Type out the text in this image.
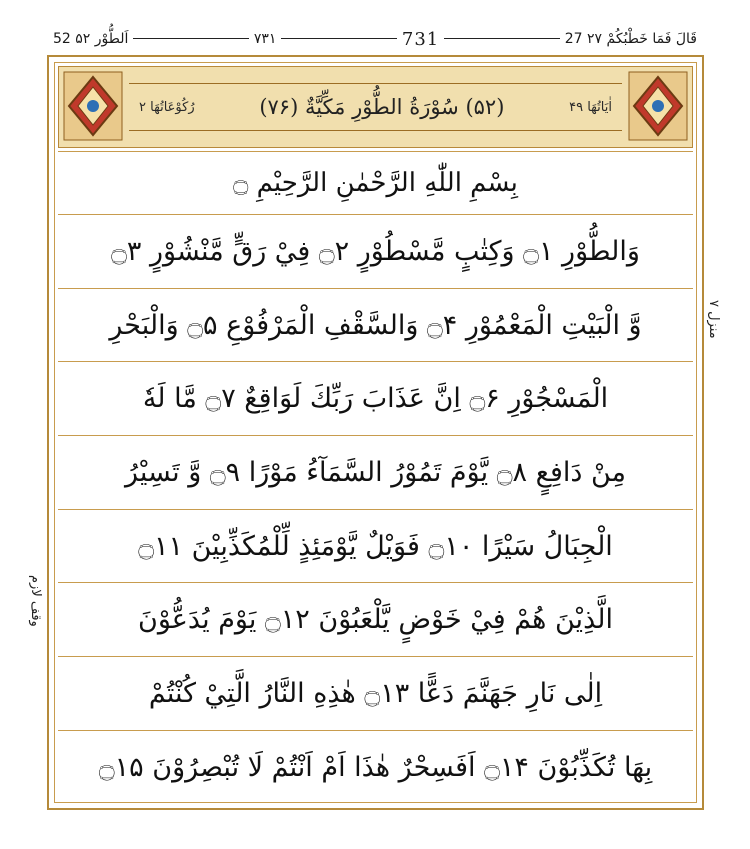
52 اَلطُّوْر ۵۲	۷۳۱	731	27 قَالَ فَمَا خَطْبُكُمْ ۲۷
اٰیَاتُھَا ۴۹
(۵۲) سُوْرَةُ الطُّوْرِ مَكِّيَّةٌ (۷۶)
رُکُوْعَاتُھَا ۲
بِسْمِ اللّٰهِ الرَّحْمٰنِ الرَّحِيْمِ ۝
وَالطُّوْرِ ۝۱ وَكِتٰبٍ مَّسْطُوْرٍ ۝۲ فِيْ رَقٍّ مَّنْشُوْرٍ ۝۳
وَّ الْبَيْتِ الْمَعْمُوْرِ ۝۴ وَالسَّقْفِ الْمَرْفُوْعِ ۝۵ وَالْبَحْرِ
الْمَسْجُوْرِ ۝۶ اِنَّ عَذَابَ رَبِّكَ لَوَاقِعٌ ۝۷ مَّا لَهٗ
مِنْ دَافِعٍ ۝۸ يَّوْمَ تَمُوْرُ السَّمَآءُ مَوْرًا ۝۹ وَّ تَسِيْرُ
الْجِبَالُ سَيْرًا ۝۱۰ فَوَيْلٌ يَّوْمَئِذٍ لِّلْمُكَذِّبِيْنَ ۝۱۱
الَّذِيْنَ هُمْ فِيْ خَوْضٍ يَّلْعَبُوْنَ ۝۱۲ يَوْمَ يُدَعُّوْنَ
اِلٰى نَارِ جَهَنَّمَ دَعًّا ۝۱۳ هٰذِهِ النَّارُ الَّتِيْ كُنْتُمْ
بِهَا تُكَذِّبُوْنَ ۝۱۴ اَفَسِحْرٌ هٰذَا اَمْ اَنْتُمْ لَا تُبْصِرُوْنَ ۝۱۵
منزل ۷
وقف لازم
